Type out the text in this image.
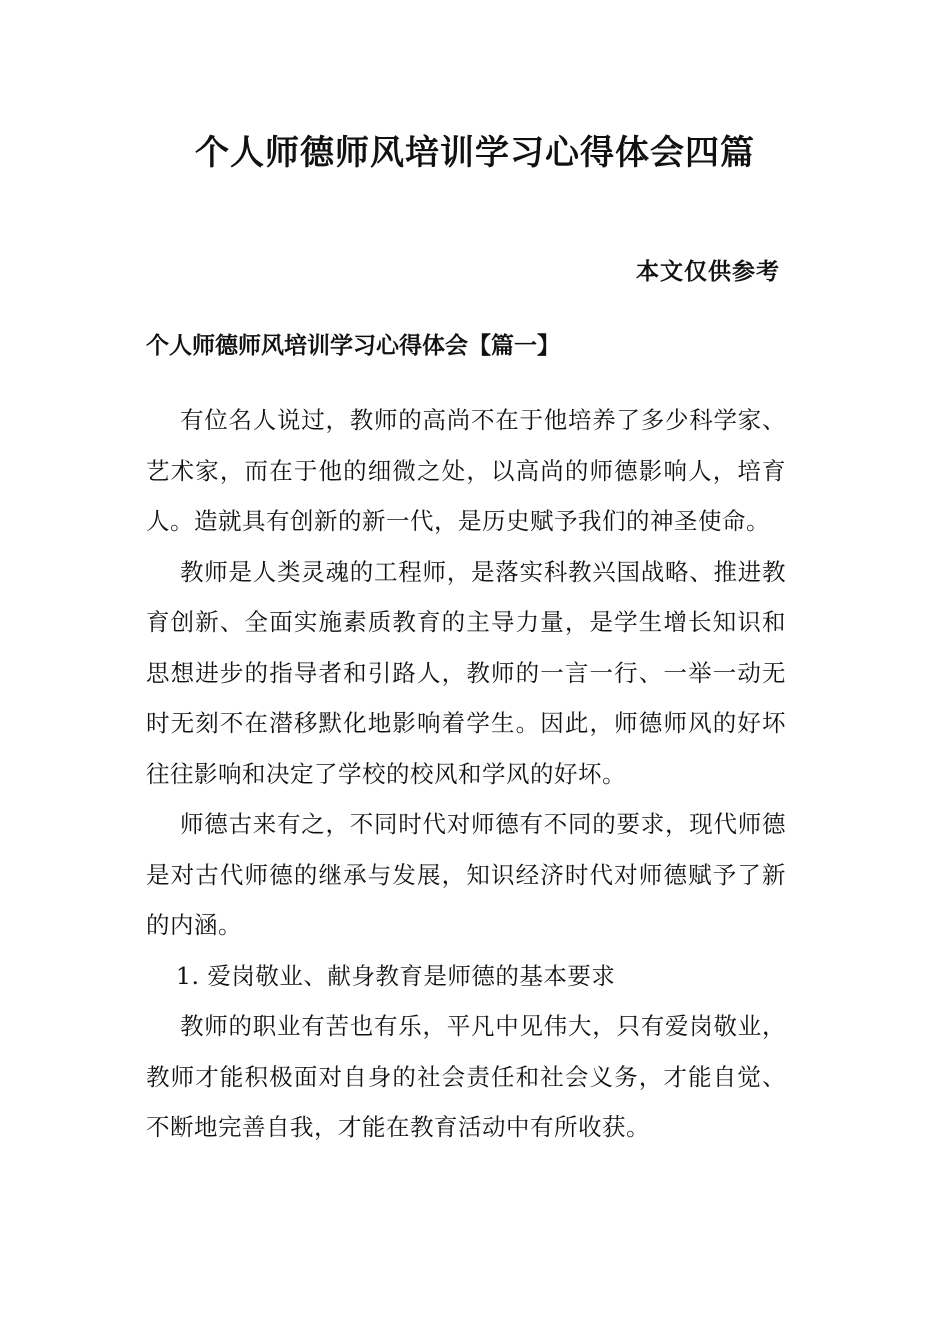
个人师德师风培训学习心得体会四篇
本文仅供参考
个人师德师风培训学习心得体会【篇一】

有位名人说过，教师的高尚不在于他培养了多少科学家、艺术家，而在于他的细微之处，以高尚的师德影响人，培育人。造就具有创新的新一代，是历史赋予我们的神圣使命。

教师是人类灵魂的工程师，是落实科教兴国战略、推进教育创新、全面实施素质教育的主导力量，是学生增长知识和思想进步的指导者和引路人，教师的一言一行、一举一动无时无刻不在潜移默化地影响着学生。因此，师德师风的好坏往往影响和决定了学校的校风和学风的好坏。

师德古来有之，不同时代对师德有不同的要求，现代师德是对古代师德的继承与发展，知识经济时代对师德赋予了新的内涵。

1. 爱岗敬业、献身教育是师德的基本要求

教师的职业有苦也有乐，平凡中见伟大，只有爱岗敬业，教师才能积极面对自身的社会责任和社会义务，才能自觉、不断地完善自我，才能在教育活动中有所收获。
